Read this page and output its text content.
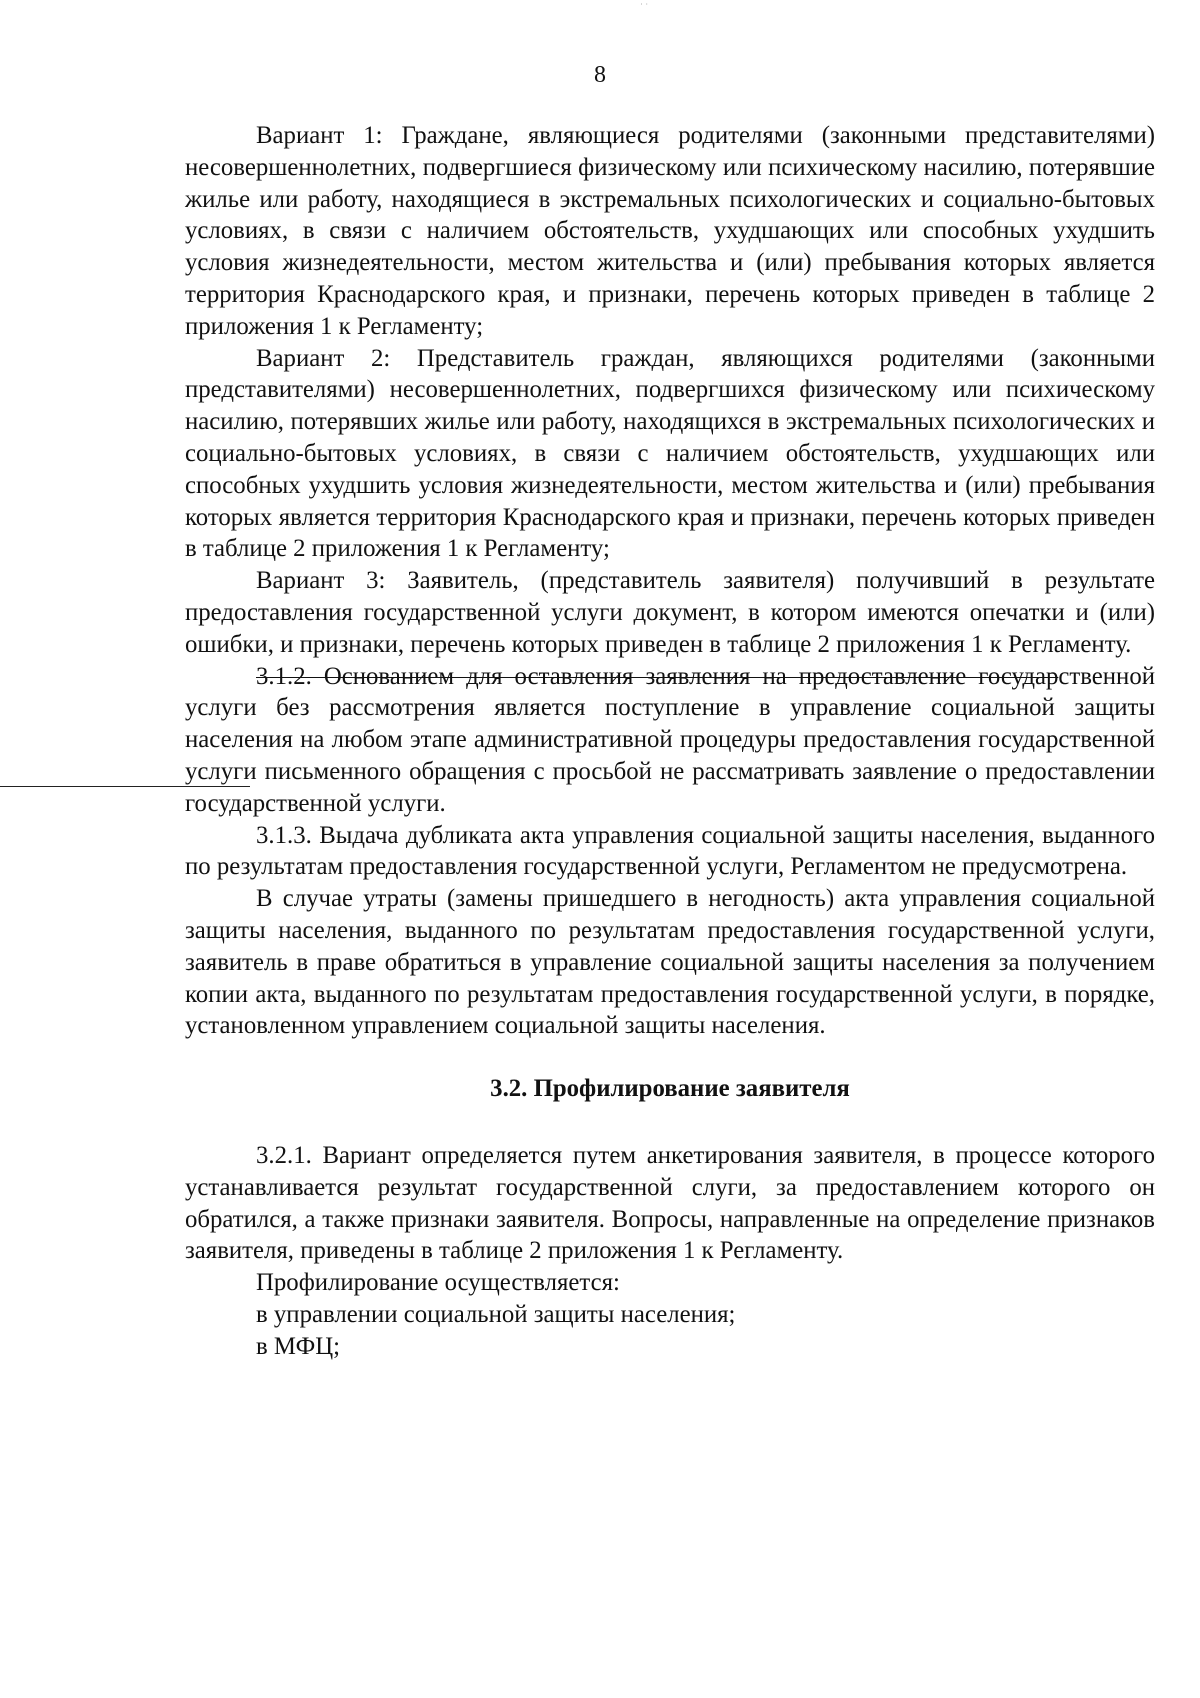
˙ ˙
8

Вариант 1: Граждане, являющиеся родителями (законными представителями) несовершеннолетних, подвергшиеся физическому или психическому насилию, потерявшие жилье или работу, находящиеся в экстремальных психологических и социально-бытовых условиях, в связи с наличием обстоятельств, ухудшающих или способных ухудшить условия жизнедеятельности, местом жительства и (или) пребывания которых является территория Краснодарского края, и признаки, перечень которых приведен в таблице 2 приложения 1 к Регламенту;

Вариант 2: Представитель граждан, являющихся родителями (законными представителями) несовершеннолетних, подвергшихся физическому или психическому насилию, потерявших жилье или работу, находящихся в экстремальных психологических и социально-бытовых условиях, в связи с наличием обстоятельств, ухудшающих или способных ухудшить условия жизнедеятельности, местом жительства и (или) пребывания которых является территория Краснодарского края и признаки, перечень которых приведен в таблице 2 приложения 1 к Регламенту;

Вариант 3: Заявитель, (представитель заявителя) получивший в результате предоставления государственной услуги документ, в котором имеются опечатки и (или) ошибки, и признаки, перечень которых приведен в таблице 2 приложения 1 к Регламенту.

3.1.2. Основанием для оставления заявления на предоставление государственной услуги без рассмотрения является поступление в управление социальной защиты населения на любом этапе административной процедуры предоставления государственной услуги письменного обращения с просьбой не рассматривать заявление о предоставлении государственной услуги.

3.1.3. Выдача дубликата акта управления социальной защиты населения, выданного по результатам предоставления государственной услуги, Регламентом не предусмотрена.

В случае утраты (замены пришедшего в негодность) акта управления социальной защиты населения, выданного по результатам предоставления государственной услуги, заявитель в праве обратиться в управление социальной защиты населения за получением копии акта, выданного по результатам предоставления государственной услуги, в порядке, установленном управлением социальной защиты населения.

3.2. Профилирование заявителя

3.2.1. Вариант определяется путем анкетирования заявителя, в процессе которого устанавливается результат государственной слуги, за предоставлением которого он обратился, а также признаки заявителя. Вопросы, направленные на определение признаков заявителя, приведены в таблице 2 приложения 1 к Регламенту.

Профилирование осуществляется:

в управлении социальной защиты населения;

в МФЦ;
